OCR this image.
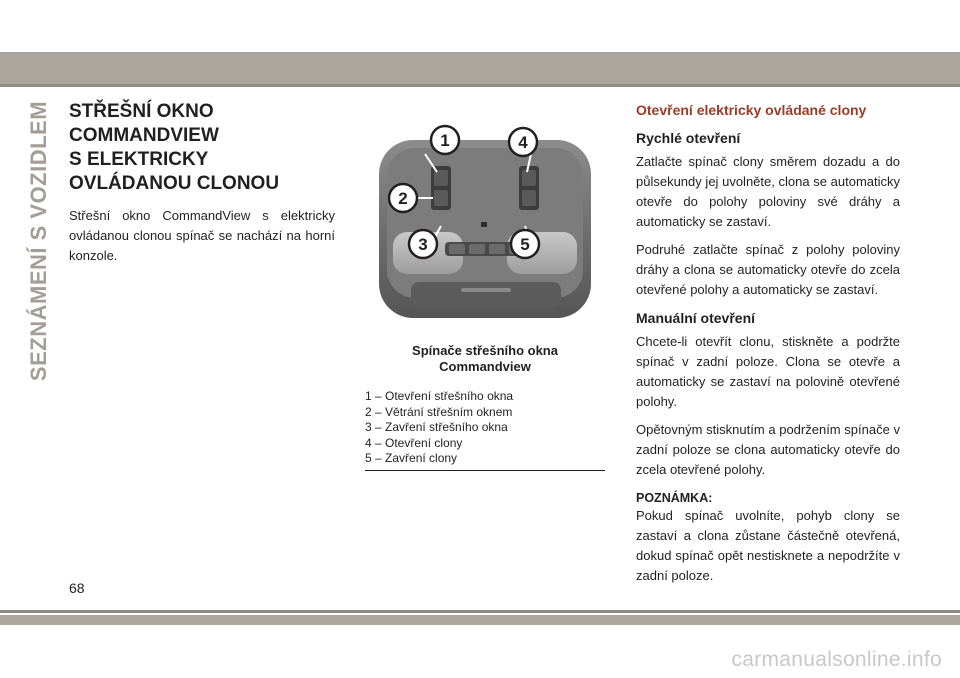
SEZNÁMENÍ S VOZIDLEM STŘEŠNÍ OKNO
COMMANDVIEW
S ELEKTRICKY
OVLÁDANOU CLONOU

Střešní okno CommandView s elektricky ovládanou clonou spínač se nachází na horní konzole.

1
2
3
4
5
Spínače střešního okna
Commandview
1 – Otevření střešního okna
2 – Větrání střešním oknem
3 – Zavření střešního okna
4 – Otevření clony
5 – Zavření clony
Otevření elektricky ovládané clony
Rychlé otevření

Zatlačte spínač clony směrem dozadu a do půlsekundy jej uvolněte, clona se automaticky otevře do polohy poloviny své dráhy a automaticky se zastaví.

Podruhé zatlačte spínač z polohy poloviny dráhy a clona se automaticky otevře do zcela otevřené polohy a automaticky se zastaví.

Manuální otevření

Chcete-li otevřít clonu, stiskněte a podržte spínač v zadní poloze. Clona se otevře a automaticky se zastaví na polovině otevřené polohy.

Opětovným stisknutím a podržením spínače v zadní poloze se clona automaticky otevře do zcela otevřené polohy.

POZNÁMKA:

Pokud spínač uvolníte, pohyb clony se zastaví a clona zůstane částečně otevřená, dokud spínač opět nestisknete a nepodržíte v zadní poloze.

68
carmanualsonline.info
